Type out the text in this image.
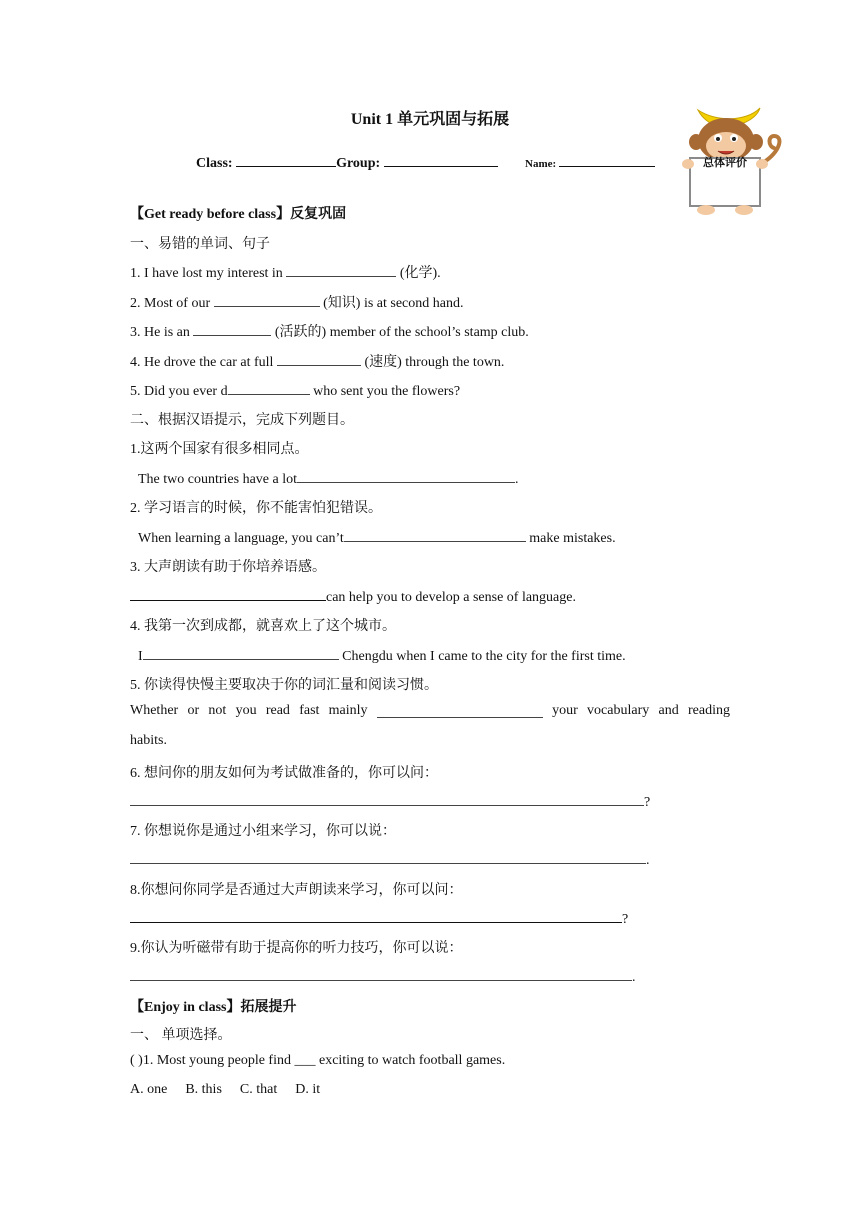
Unit 1 单元巩固与拓展
Class:	Group:	Name:	总体评价
【Get ready before class】反复巩固
一、易错的单词、句子
1. I have lost my interest in	(化学).
2. Most of our	(知识) is at second hand.
3. He is an	(活跃的) member of the school’s stamp club.
4. He drove the car at full	(速度) through the town.
5. Did you ever d	who sent you the flowers?
二、根据汉语提示，完成下列题目。
1.这两个国家有很多相同点。
The two countries have a lot	.
2. 学习语言的时候，你不能害怕犯错误。
When learning a language, you can’t	make mistakes.
3. 大声朗读有助于你培养语感。
can help you to develop a sense of language.
4. 我第一次到成都，就喜欢上了这个城市。
I	Chengdu when I came to the city for the first time.
5. 你读得快慢主要取决于你的词汇量和阅读习惯。
Whether or not you read fast mainly	your vocabulary and reading
habits.
6. 想问你的朋友如何为考试做准备的，你可以问：
?
7. 你想说你是通过小组来学习，你可以说：
.
8.你想问你同学是否通过大声朗读来学习，你可以问：
?
9.你认为听磁带有助于提高你的听力技巧，你可以说：
.
【Enjoy in class】拓展提升
一、 单项选择。
( )1. Most young people find ___ exciting to watch football games.
A. one B. this C. that D. it
